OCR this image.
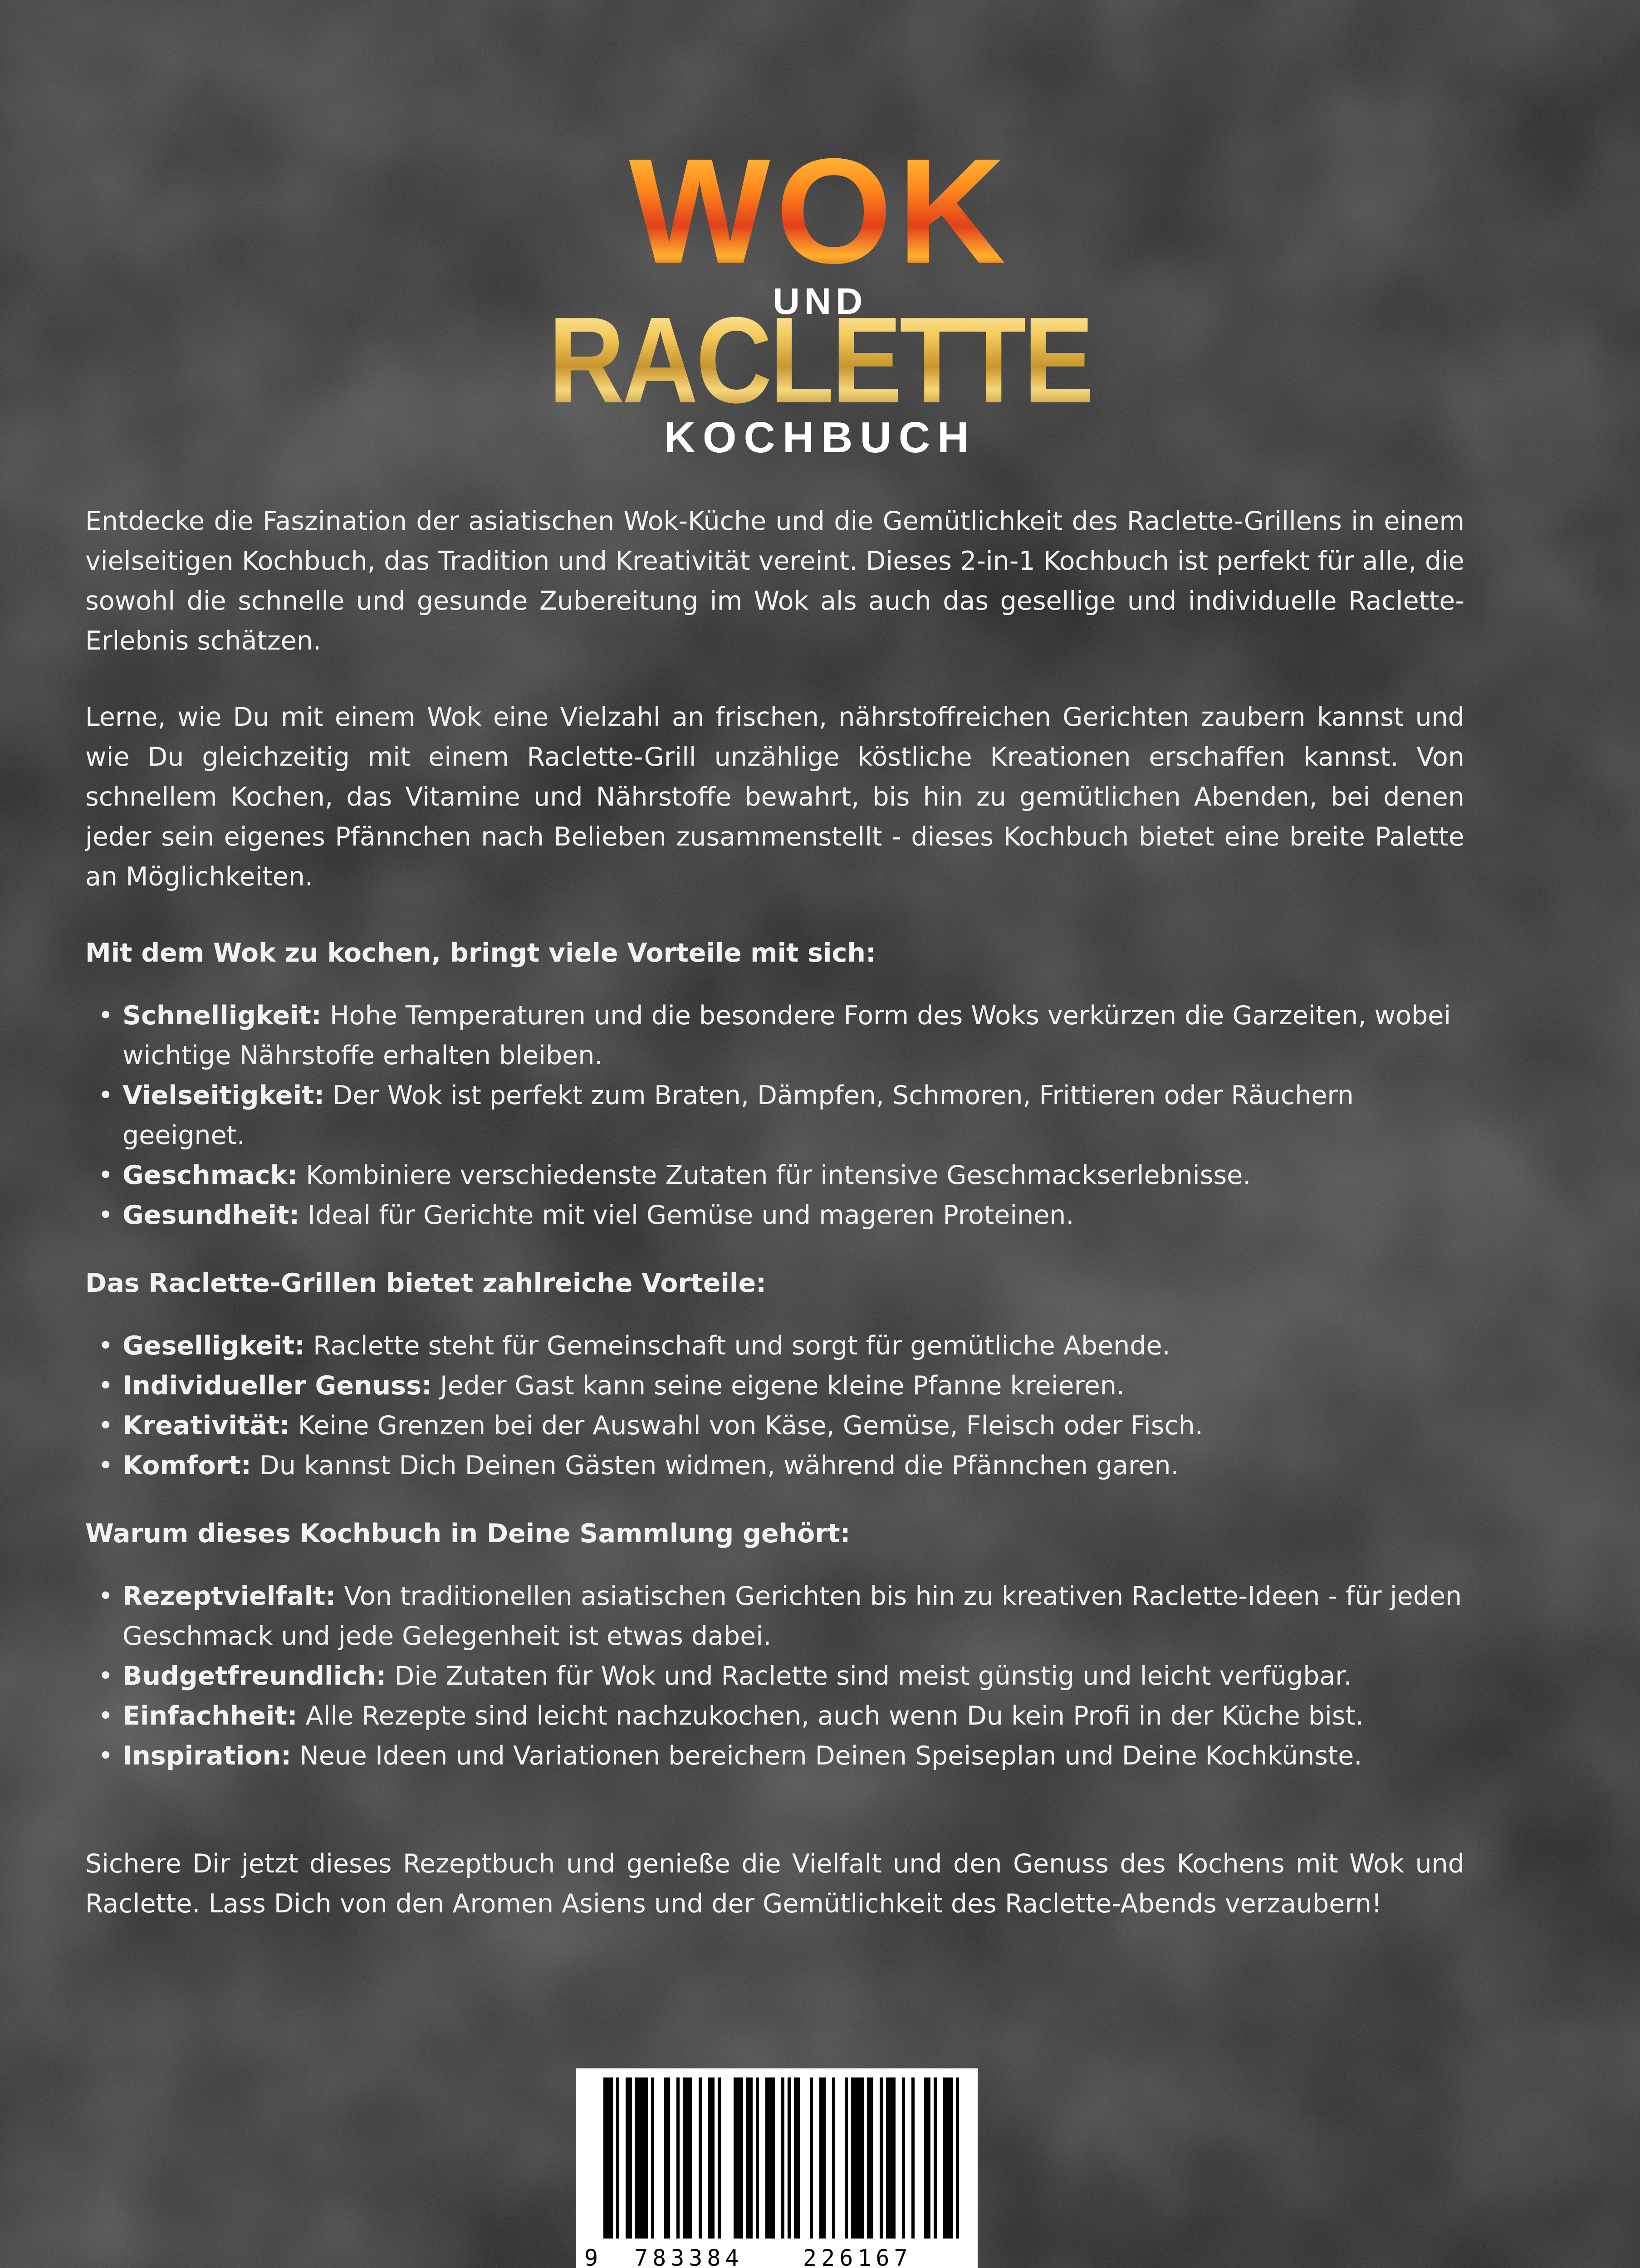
WOK
RACLETTE
KOCHBUCH

Entdecke die Faszination der asiatischen Wok-Küche und die Gemütlichkeit des Raclette-Grillens in einem vielseitigen Kochbuch, das Tradition und Kreativität vereint. Dieses 2-in-1 Kochbuch ist perfekt für alle, die sowohl die schnelle und gesunde Zubereitung im Wok als auch das gesellige und individuelle Raclette-Erlebnis schätzen.

Lerne, wie Du mit einem Wok eine Vielzahl an frischen, nährstoffreichen Gerichten zaubern kannst und wie Du gleichzeitig mit einem Raclette-Grill unzählige köstliche Kreationen erschaffen kannst. Von schnellem Kochen, das Vitamine und Nährstoffe bewahrt, bis hin zu gemütlichen Abenden, bei denen jeder sein eigenes Pfännchen nach Belieben zusammenstellt - dieses Kochbuch bietet eine breite Palette an Möglichkeiten.

Mit dem Wok zu kochen, bringt viele Vorteile mit sich:
• Schnelligkeit: Hohe Temperaturen und die besondere Form des Woks verkürzen die Garzeiten, wobei wichtige Nährstoffe erhalten bleiben.
• Vielseitigkeit: Der Wok ist perfekt zum Braten, Dämpfen, Schmoren, Frittieren oder Räuchern geeignet.
• Geschmack: Kombiniere verschiedenste Zutaten für intensive Geschmackserlebnisse.
• Gesundheit: Ideal für Gerichte mit viel Gemüse und mageren Proteinen.
Das Raclette-Grillen bietet zahlreiche Vorteile:
• Geselligkeit: Raclette steht für Gemeinschaft und sorgt für gemütliche Abende.
• Individueller Genuss: Jeder Gast kann seine eigene kleine Pfanne kreieren.
• Kreativität: Keine Grenzen bei der Auswahl von Käse, Gemüse, Fleisch oder Fisch.
• Komfort: Du kannst Dich Deinen Gästen widmen, während die Pfännchen garen.
Warum dieses Kochbuch in Deine Sammlung gehört:
• Rezeptvielfalt: Von traditionellen asiatischen Gerichten bis hin zu kreativen Raclette-Ideen - für jeden Geschmack und jede Gelegenheit ist etwas dabei.
• Budgetfreundlich: Die Zutaten für Wok und Raclette sind meist günstig und leicht verfügbar.
• Einfachheit: Alle Rezepte sind leicht nachzukochen, auch wenn Du kein Profi in der Küche bist.
• Inspiration: Neue Ideen und Variationen bereichern Deinen Speiseplan und Deine Kochkünste.

Sichere Dir jetzt dieses Rezeptbuch und genieße die Vielfalt und den Genuss des Kochens mit Wok und Raclette. Lass Dich von den Aromen Asiens und der Gemütlichkeit des Raclette-Abends verzaubern!

9 783384	226167
